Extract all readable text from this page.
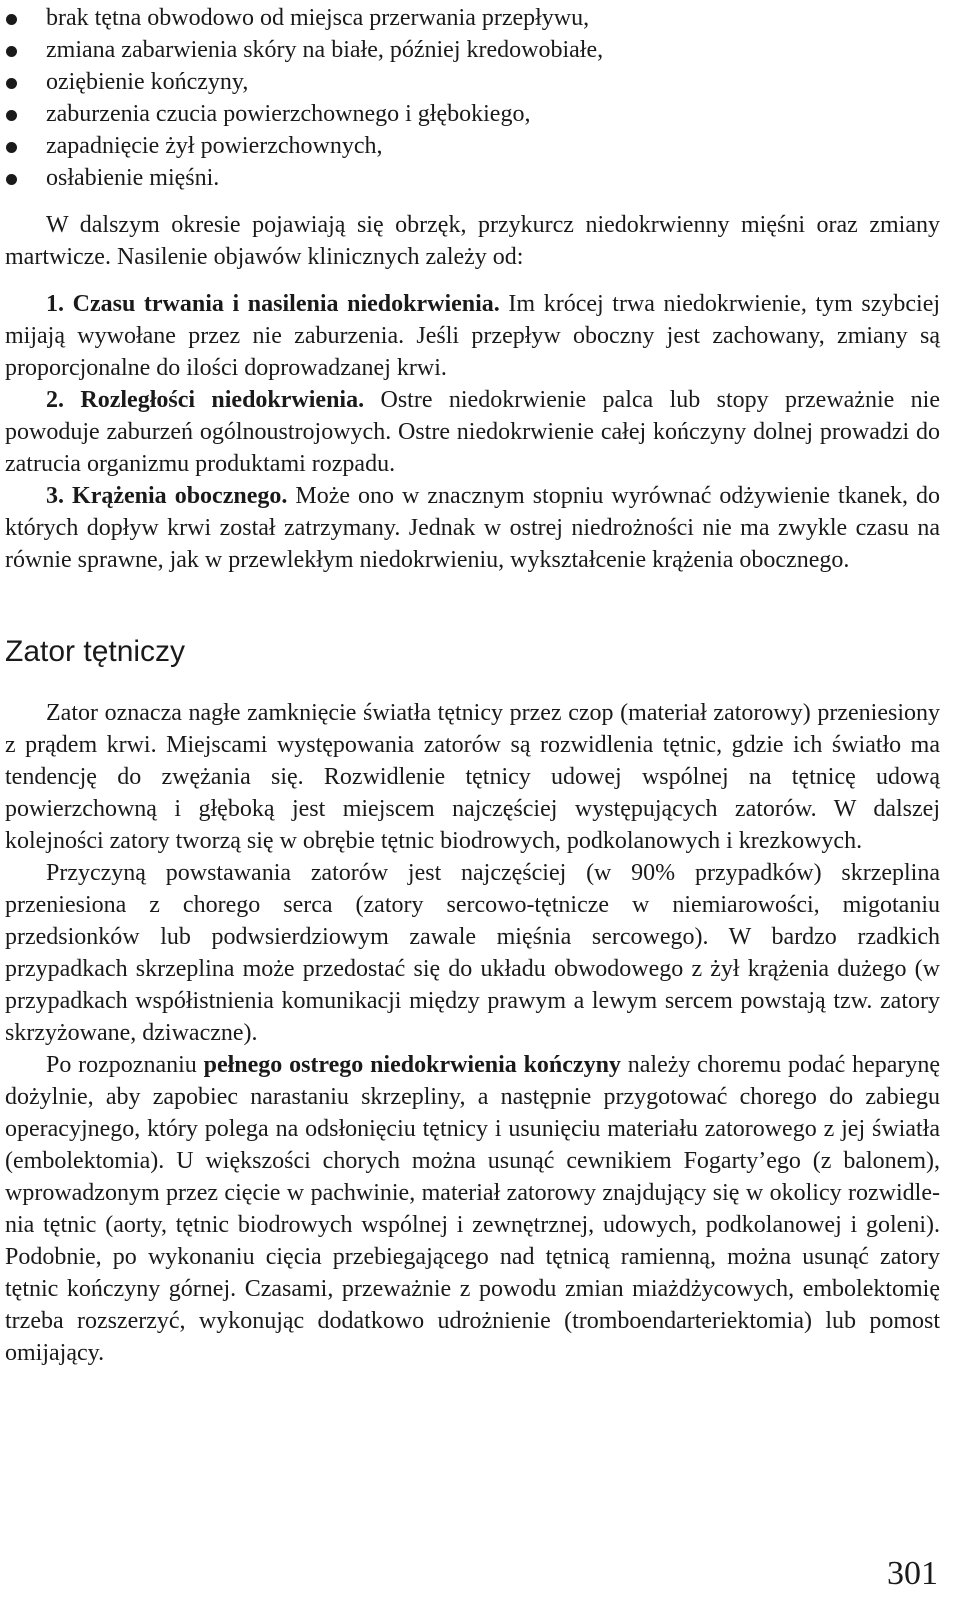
brak tętna obwodowo od miejsca przerwania przepływu,
zmiana zabarwienia skóry na białe, później kredowobiałe,
oziębienie kończyny,
zaburzenia czucia powierzchownego i głębokiego,
zapadnięcie żył powierzchownych,
osłabienie mięśni.

W dalszym okresie pojawiają się obrzęk, przykurcz niedokrwienny mięśni oraz zmiany martwicze. Nasilenie objawów klinicznych zależy od:

1. Czasu trwania i nasilenia niedokrwienia. Im krócej trwa niedokrwienie, tym szybciej mijają wywołane przez nie zaburzenia. Jeśli przepływ oboczny jest zachowany, zmiany są proporcjonalne do ilości doprowadzanej krwi.

2. Rozległości niedokrwienia. Ostre niedokrwienie palca lub stopy przeważnie nie powoduje zaburzeń ogólnoustrojowych. Ostre niedokrwienie całej kończyny dolnej prowadzi do zatrucia organizmu produktami rozpadu.

3. Krążenia obocznego. Może ono w znacznym stopniu wyrównać odżywienie tkanek, do których dopływ krwi został zatrzymany. Jednak w ostrej niedrożności nie ma zwykle czasu na równie sprawne, jak w przewlekłym niedokrwieniu, wykształcenie krążenia obocznego.

Zator tętniczy

Zator oznacza nagłe zamknięcie światła tętnicy przez czop (materiał zatorowy) przeniesiony z prądem krwi. Miejscami występowania zatorów są rozwidlenia tętnic, gdzie ich światło ma tendencję do zwężania się. Rozwidlenie tętnicy udowej wspólnej na tętnicę udową powierzchowną i głęboką jest miejscem najczęściej występujących zatorów. W dalszej kolejności zatory tworzą się w obrębie tętnic biodrowych, podkolanowych i krezkowych.

Przyczyną powstawania zatorów jest najczęściej (w 90% przypadków) skrzeplina przeniesiona z chorego serca (zatory sercowo-tętnicze w niemiarowości, migotaniu przedsionków lub podwsierdziowym zawale mięśnia sercowego). W bardzo rzadkich przypadkach skrzeplina może przedostać się do układu obwodowego z żył krążenia dużego (w przypadkach współistnienia komunikacji między prawym a lewym sercem powstają tzw. zatory skrzyżowane, dziwaczne).

Po rozpoznaniu pełnego ostrego niedokrwienia kończyny należy choremu podać heparynę dożylnie, aby zapobiec narastaniu skrzepliny, a następnie przygotować chorego do zabiegu operacyjnego, który polega na odsłonięciu tętnicy i usunięciu materiału zatorowego z jej światła (embolektomia). U większości chorych można usunąć cewnikiem Fogarty’ego (z balonem), wprowadzonym przez cięcie w pachwinie, materiał zatorowy znajdujący się w okolicy rozwidlenia tętnic (aorty, tętnic biodrowych wspólnej i zewnętrznej, udowych, podkolanowej i goleni). Podobnie, po wykonaniu cięcia przebiegającego nad tętnicą ramienną, można usunąć zatory tętnic kończyny górnej. Czasami, przeważnie z powodu zmian miażdżycowych, embolektomię trzeba rozszerzyć, wykonując dodatkowo udrożnienie (tromboendarteriektomia) lub pomost omijający.

301
